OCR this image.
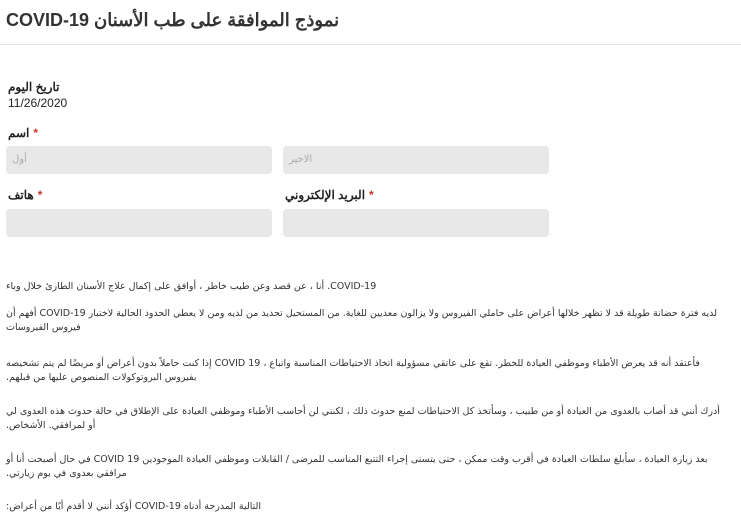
نموذج الموافقة على طب الأسنان COVID-19
تاريخ اليوم
11/26/2020
اسم *
أول	الاخير
هاتف *	البريد الإلكتروني *
COVID-19. أنا ، عن قصد وعن طيب خاطر ، أوافق على إكمال علاج الأسنان الطارئ خلال وباء
لديه فترة حضانة طويلة قد لا تظهر خلالها أعراض على حاملي الفيروس ولا يزالون معديين للغاية. من المستحيل تحديد من لديه ومن لا يعطي الحدود الحالية لاختبار COVID-19 أفهم أن فيروس الفيروسات
فأعتقد أنه قد يعرض الأطباء وموظفي العيادة للخطر. تقع على عاتقي مسؤولية اتخاذ الاحتياطات المناسبة واتباع ، COVID 19 إذا كنت حاملاً بدون أعراض أو مريضًا لم يتم تشخيصه بفيروس البروتوكولات المنصوص عليها من قبلهم.
أدرك أنني قد أصاب بالعدوى من العيادة أو من طبيب ، وسأتخذ كل الاحتياطات لمنع حدوث ذلك ، لكنني لن أحاسب الأطباء وموظفي العيادة على الإطلاق في حالة حدوث هذه العدوى لي أو لمرافقي. الأشخاص.
بعد زيارة العيادة ، سأبلغ سلطات العيادة في أقرب وقت ممكن ، حتى يتسنى إجراء التتبع المناسب للمرضى / القابلات وموظفي العيادة الموجودين COVID 19 في حال أصبحت أنا أو مرافقي بعدوى في يوم زيارتي.
التالية المدرجة أدناه COVID-19 أؤكد أنني لا أقدم أيًا من أعراض:
